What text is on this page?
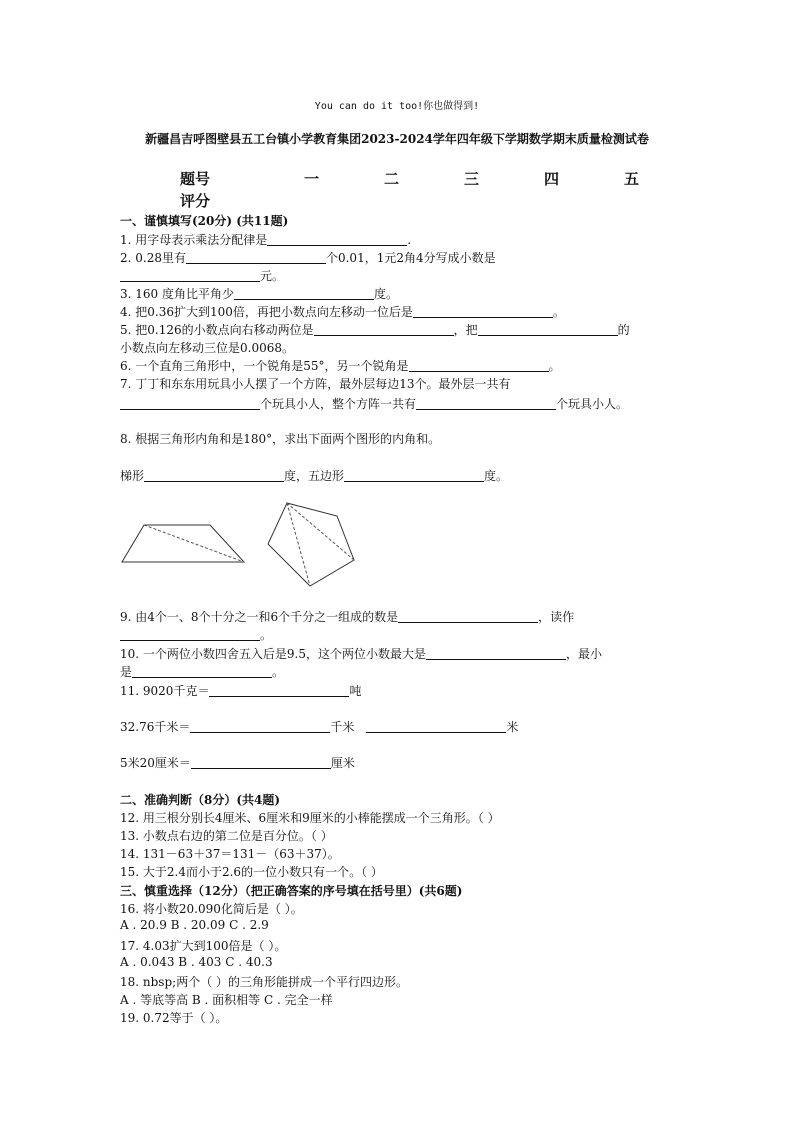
You can do it too!你也做得到!
新疆昌吉呼图壁县五工台镇小学教育集团2023-2024学年四年级下学期数学期末质量检测试卷
题号	一	二	三	四	五
评分
一、谨慎填写(20分) (共11题)
1. 用字母表示乘法分配律是	.
2. 0.28里有	个0.01，1元2角4分写成小数是
元。
3. 160 度角比平角少	度。
4. 把0.36扩大到100倍，再把小数点向左移动一位后是	。
5. 把0.126的小数点向右移动两位是	，把	的
小数点向左移动三位是0.0068。
6. 一个直角三角形中，一个锐角是55°，另一个锐角是	。
7. 丁丁和东东用玩具小人摆了一个方阵，最外层每边13个。最外层一共有
个玩具小人，整个方阵一共有	个玩具小人。
8. 根据三角形内角和是180°，求出下面两个图形的内角和。
梯形	度，五边形	度。
9. 由4个一、8个十分之一和6个千分之一组成的数是	，读作
。
10. 一个两位小数四舍五入后是9.5，这个两位小数最大是	，最小
是	。
11. 9020千克＝	吨
32.76千米＝	千米	米
5米20厘米＝	厘米
二、准确判断（8分）(共4题)
12. 用三根分别长4厘米、6厘米和9厘米的小棒能摆成一个三角形。（ ）
13. 小数点右边的第二位是百分位。（ ）
14. 131－63＋37＝131－（63＋37）。
15. 大于2.4而小于2.6的一位小数只有一个。（ ）
三、慎重选择（12分）（把正确答案的序号填在括号里）(共6题)
16. 将小数20.090化简后是（ ）。
A . 20.9 B . 20.09 C . 2.9
17. 4.03扩大到100倍是（ ）。
A . 0.043 B . 403 C . 40.3
18. nbsp;两个（ ）的三角形能拼成一个平行四边形。
A . 等底等高 B . 面积相等 C . 完全一样
19. 0.72等于（ ）。
